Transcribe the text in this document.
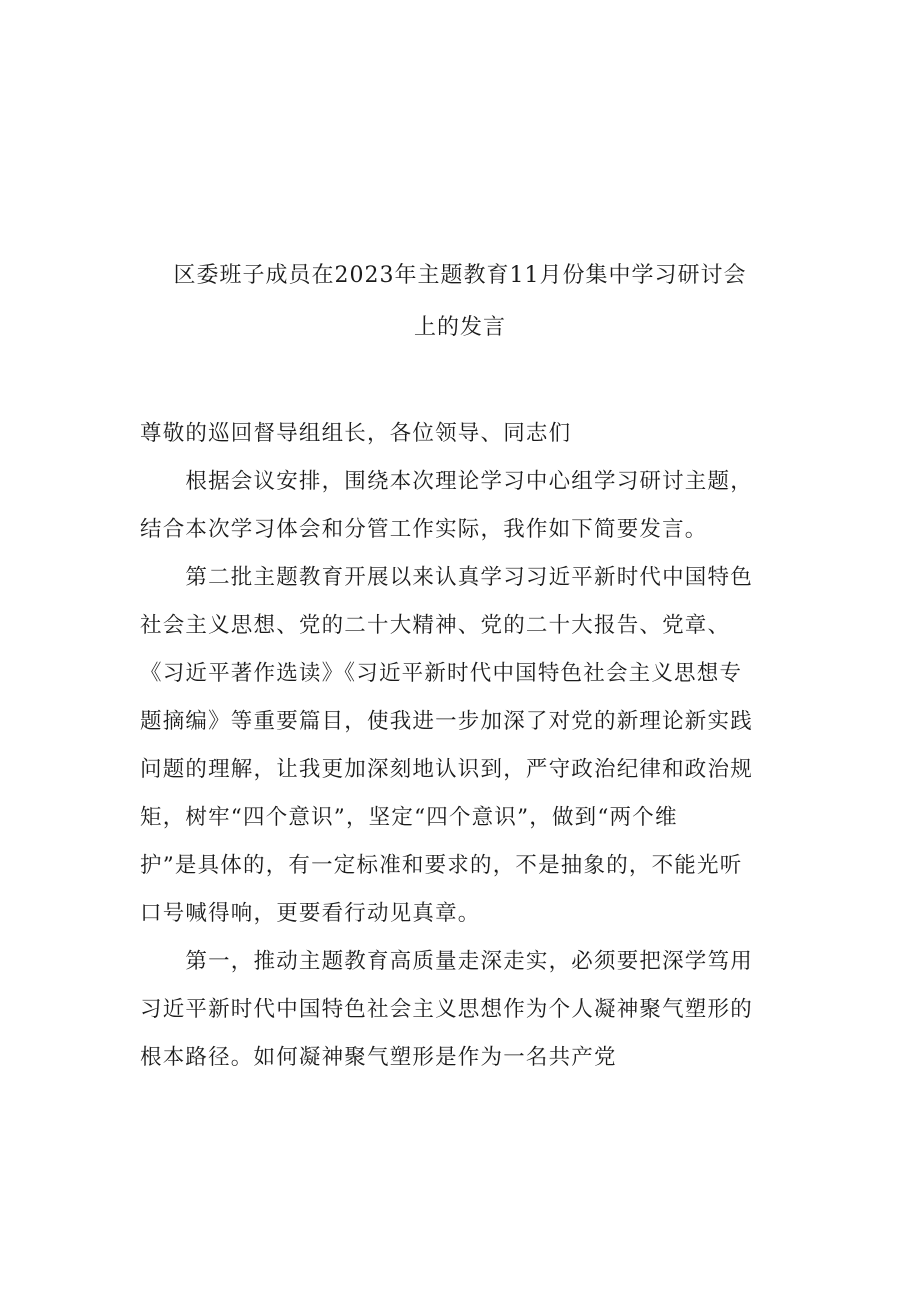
区委班子成员在2023年主题教育11月份集中学习研讨会
上的发言
尊敬的巡回督导组组长，各位领导、同志们
　　根据会议安排，围绕本次理论学习中心组学习研讨主题，
结合本次学习体会和分管工作实际，我作如下简要发言。
　　第二批主题教育开展以来认真学习习近平新时代中国特色
社会主义思想、党的二十大精神、党的二十大报告、党章、
《习近平著作选读》《习近平新时代中国特色社会主义思想专
题摘编》等重要篇目，使我进一步加深了对党的新理论新实践
问题的理解，让我更加深刻地认识到，严守政治纪律和政治规
矩，树牢“四个意识”，坚定“四个意识”，做到“两个维
护”是具体的，有一定标准和要求的，不是抽象的，不能光听
口号喊得响，更要看行动见真章。
　　第一，推动主题教育高质量走深走实，必须要把深学笃用
习近平新时代中国特色社会主义思想作为个人凝神聚气塑形的
根本路径。如何凝神聚气塑形是作为一名共产党
